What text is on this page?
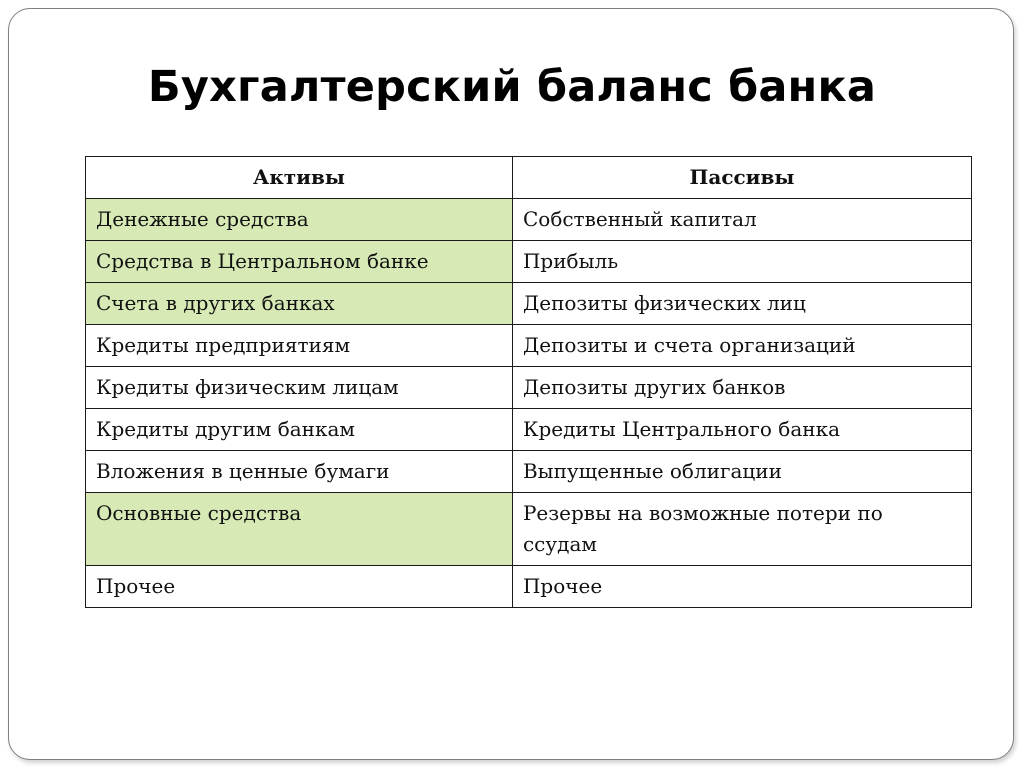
Бухгалтерский баланс банка
Активы	Пассивы
Денежные средства	Собственный капитал
Средства в Центральном банке	Прибыль
Счета в других банках	Депозиты физических лиц
Кредиты предприятиям	Депозиты и счета организаций
Кредиты физическим лицам	Депозиты других банков
Кредиты другим банкам	Кредиты Центрального банка
Вложения в ценные бумаги	Выпущенные облигации
Основные средства	Резервы на возможные потери по ссудам
Прочее	Прочее
